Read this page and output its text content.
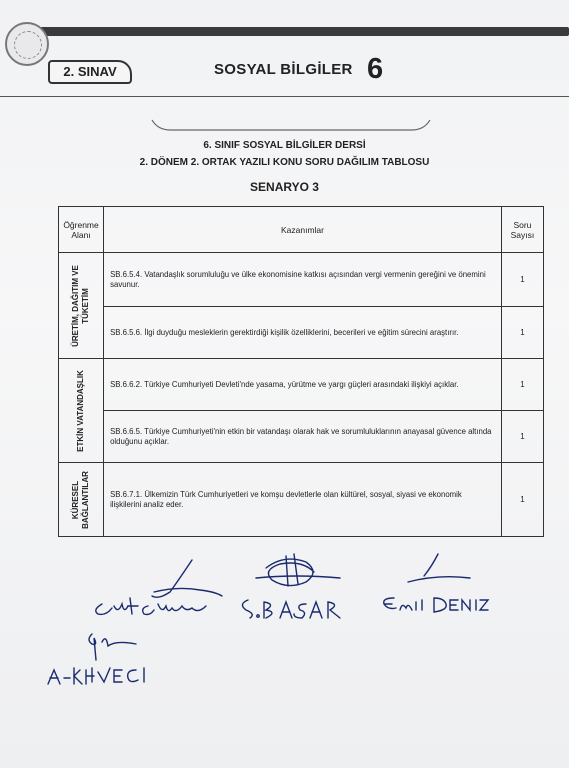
2. SINAV	SOSYAL BİLGİLER 6
6. SINIF SOSYAL BİLGİLER DERSİ
2. DÖNEM 2. ORTAK YAZILI KONU SORU DAĞILIM TABLOSU
SENARYO 3
Öğrenme Alanı	Kazanımlar	Soru Sayısı

ÜRETİM, DAĞITIM VE TÜKETİM	SB.6.5.4. Vatandaşlık sorumluluğu ve ülke ekonomisine katkısı açısından vergi vermenin gereğini ve önemini savunur.	1
	SB.6.5.6. İlgi duyduğu mesleklerin gerektirdiği kişilik özelliklerini, becerileri ve eğitim sürecini araştırır.	1

ETKİN VATANDAŞLIK	SB.6.6.2. Türkiye Cumhuriyeti Devleti'nde yasama, yürütme ve yargı güçleri arasındaki ilişkiyi açıklar.	1
	SB.6.6.5. Türkiye Cumhuriyeti'nin etkin bir vatandaşı olarak hak ve sorumluluklarının anayasal güvence altında olduğunu açıklar.	1

KÜRESEL BAĞLANTILAR	SB.6.7.1. Ülkemizin Türk Cumhuriyetleri ve komşu devletlerle olan kültürel, sosyal, siyasi ve ekonomik ilişkilerini analiz eder.	1
